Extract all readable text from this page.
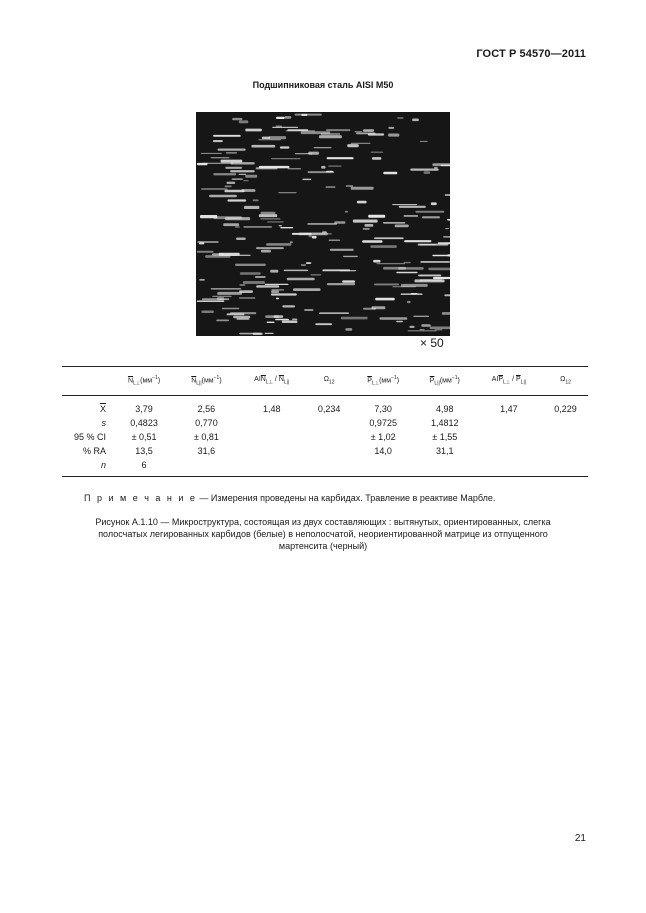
ГОСТ Р 54570—2011
Подшипниковая сталь AISI M50
× 50
	$\overline{N}_{L\perp}(мм^{-1})$	$\overline{N}_{L||}(мм^{-1})$	$AI\overline{N}_{L\perp} / \overline{N}_{L||}$	$\Omega_{12}$	$\overline{P}_{L\perp}(мм^{-1})$	$\overline{P}_{L||}(мм^{-1})$	$AI\overline{P}_{L\perp} / \overline{P}_{L||}$	$\Omega_{12}$
$\overline{X}$	3,79	2,56	1,48	0,234	7,30	4,98	1,47	0,229
s	0,4823	0,770			0,9725	1,4812		
95 % CI	± 0,51	± 0,81			± 1,02	± 1,55		
% RA	13,5	31,6			14,0	31,1		
n	6							
П р и м е ч а н и е — Измерения проведены на карбидах. Травление в реактиве Марбле.
Рисунок А.1.10 — Микроструктура, состоящая из двух составляющих : вытянутых, ориентированных, слегка
полосчатых легированных карбидов (белые) в неполосчатой, неориентированной матрице из отпущенного
мартенсита (черный)
21
